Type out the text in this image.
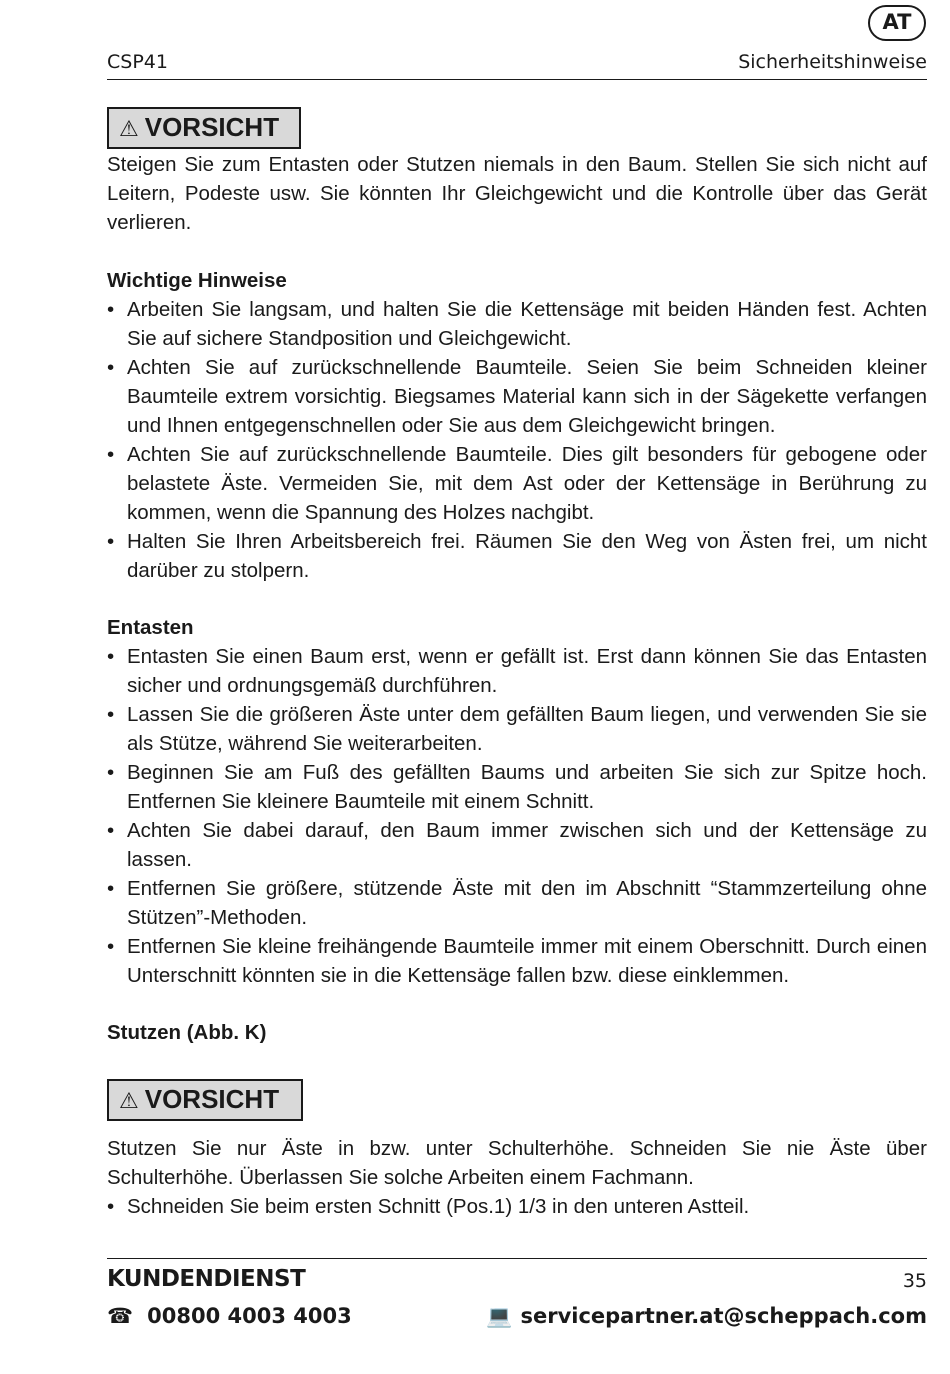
AT
CSP41	Sicherheitshinweise
⚠ VORSICHT
Steigen Sie zum Entasten oder Stutzen niemals in den Baum. Stellen Sie sich nicht auf Leitern, Podeste usw. Sie könnten Ihr Gleichgewicht und die Kontrolle über das Gerät verlieren.
Wichtige Hinweise
• Arbeiten Sie langsam, und halten Sie die Kettensäge mit beiden Händen fest. Achten Sie auf sichere Standposition und Gleichgewicht.
• Achten Sie auf zurückschnellende Baumteile. Seien Sie beim Schneiden kleiner Baumteile extrem vorsichtig. Biegsames Material kann sich in der Sägekette verfangen und Ihnen entgegenschnellen oder Sie aus dem Gleichgewicht bringen.
• Achten Sie auf zurückschnellende Baumteile. Dies gilt besonders für gebogene oder belastete Äste. Vermeiden Sie, mit dem Ast oder der Kettensäge in Berührung zu kommen, wenn die Spannung des Holzes nachgibt.
• Halten Sie Ihren Arbeitsbereich frei. Räumen Sie den Weg von Ästen frei, um nicht darüber zu stolpern.
Entasten
• Entasten Sie einen Baum erst, wenn er gefällt ist. Erst dann können Sie das Entasten sicher und ordnungsgemäß durchführen.
• Lassen Sie die größeren Äste unter dem gefällten Baum liegen, und verwenden Sie sie als Stütze, während Sie weiterarbeiten.
• Beginnen Sie am Fuß des gefällten Baums und arbeiten Sie sich zur Spitze hoch. Entfernen Sie kleinere Baumteile mit einem Schnitt.
• Achten Sie dabei darauf, den Baum immer zwischen sich und der Kettensäge zu lassen.
• Entfernen Sie größere, stützende Äste mit den im Abschnitt “Stammzerteilung ohne Stützen”-Methoden.
• Entfernen Sie kleine freihängende Baumteile immer mit einem Oberschnitt. Durch einen Unterschnitt könnten sie in die Kettensäge fallen bzw. diese einklemmen.
Stutzen (Abb. K)
⚠ VORSICHT
Stutzen Sie nur Äste in bzw. unter Schulterhöhe. Schneiden Sie nie Äste über Schulterhöhe. Überlassen Sie solche Arbeiten einem Fachmann.
• Schneiden Sie beim ersten Schnitt (Pos.1) 1/3 in den unteren Astteil.
KUNDENDIENST	35
☎ 00800 4003 4003	💻 servicepartner.at@scheppach.com
